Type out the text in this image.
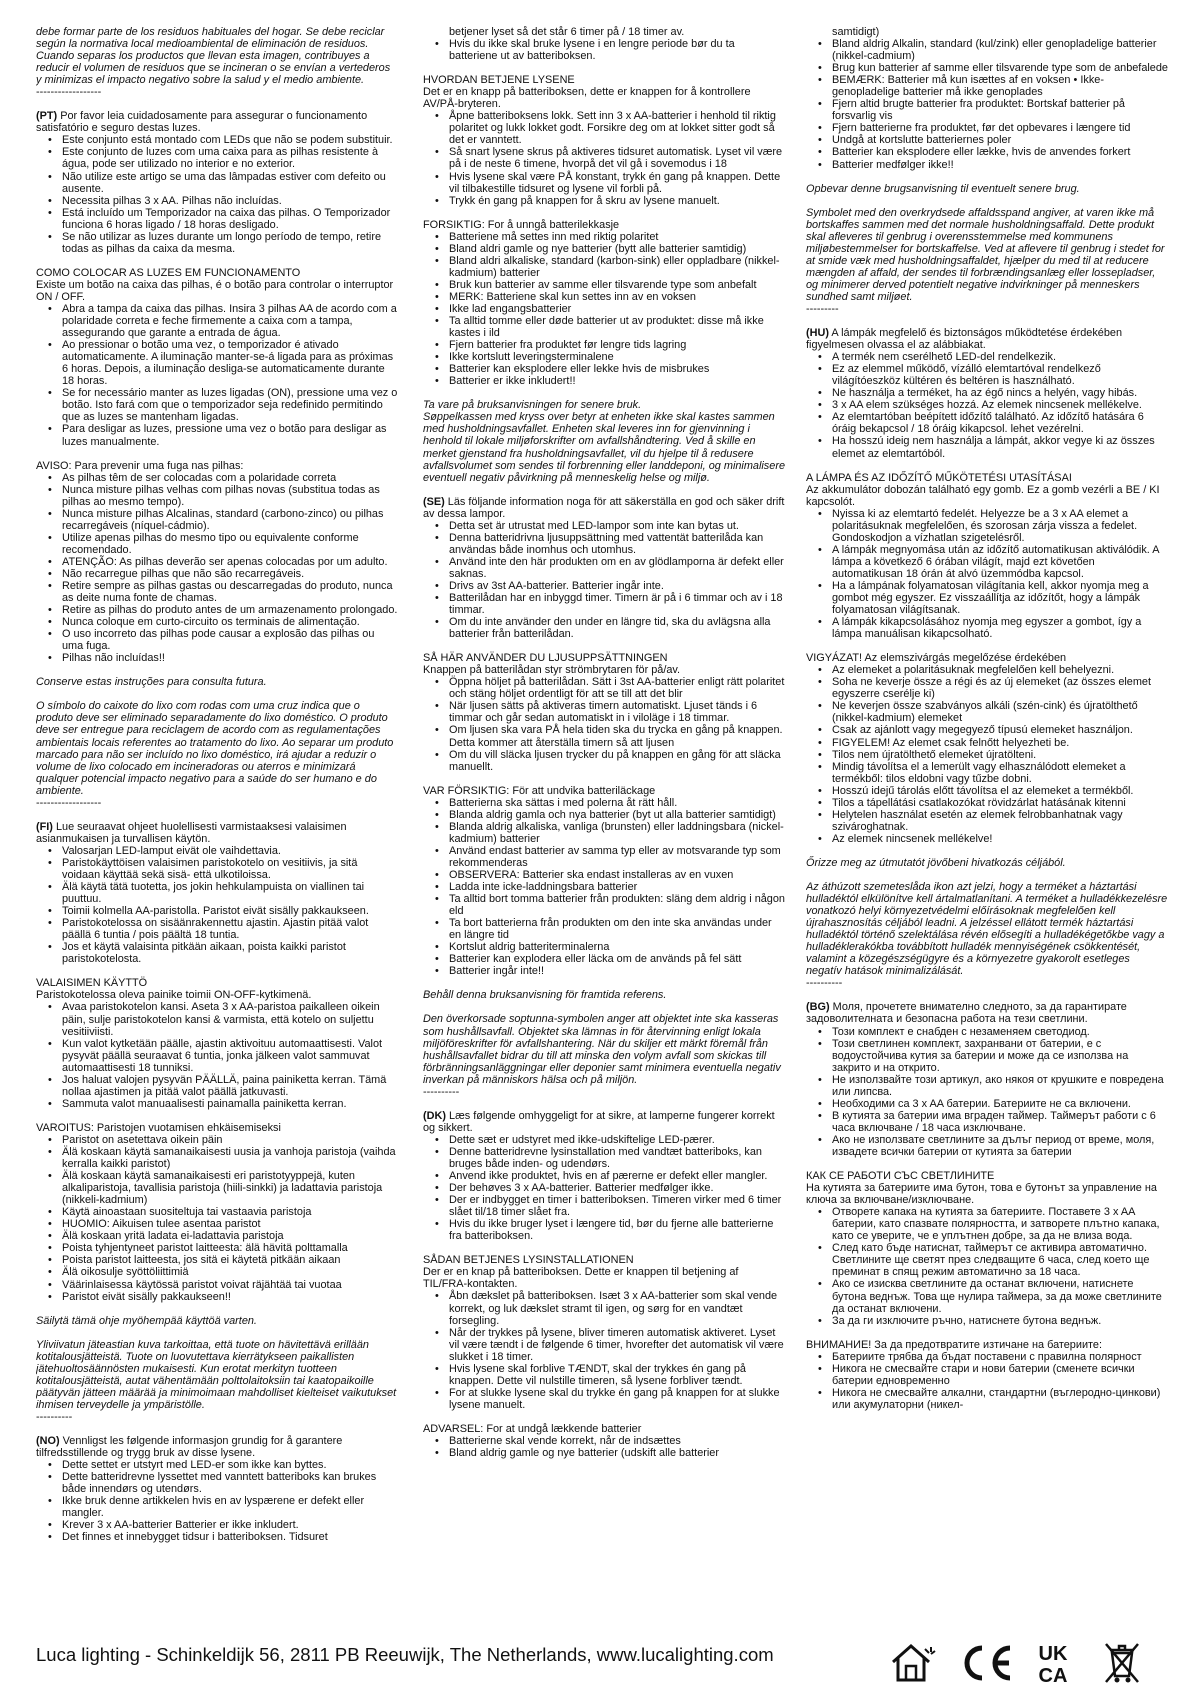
debe formar parte de los residuos habituales del hogar. Se debe reciclar según la normativa local medioambiental de eliminación de residuos. Cuando separas los productos que llevan esta imagen, contribuyes a reducir el volumen de residuos que se incineran o se envían a vertederos y minimizas el impacto negativo sobre la salud y el medio ambiente.

------------------

(PT) Por favor leia cuidadosamente para assegurar o funcionamento satisfatório e seguro destas luzes.

• Este conjunto está montado com LEDs que não se podem substituir.

• Este conjunto de luzes com uma caixa para as pilhas resistente à água, pode ser utilizado no interior e no exterior.

• Não utilize este artigo se uma das lâmpadas estiver com defeito ou ausente.

• Necessita pilhas 3 x AA. Pilhas não incluídas.

• Está incluído um Temporizador na caixa das pilhas. O Temporizador funciona 6 horas ligado / 18 horas desligado.

• Se não utilizar as luzes durante um longo período de tempo, retire todas as pilhas da caixa da mesma.

COMO COLOCAR AS LUZES EM FUNCIONAMENTO

Existe um botão na caixa das pilhas, é o botão para controlar o interruptor ON / OFF.

• Abra a tampa da caixa das pilhas. Insira 3 pilhas AA de acordo com a polaridade correta e feche firmemente a caixa com a tampa, assegurando que garante a entrada de água.

• Ao pressionar o botão uma vez, o temporizador é ativado automaticamente. A iluminação manter-se-á ligada para as próximas 6 horas. Depois, a iluminação desliga-se automaticamente durante 18 horas.

• Se for necessário manter as luzes ligadas (ON), pressione uma vez o botão. Isto fará com que o temporizador seja redefinido permitindo que as luzes se mantenham ligadas.

• Para desligar as luzes, pressione uma vez o botão para desligar as luzes manualmente.

AVISO: Para prevenir uma fuga nas pilhas:

• As pilhas têm de ser colocadas com a polaridade correta

• Nunca misture pilhas velhas com pilhas novas (substitua todas as pilhas ao mesmo tempo).

• Nunca misture pilhas Alcalinas, standard (carbono-zinco) ou pilhas recarregáveis (níquel-cádmio).

• Utilize apenas pilhas do mesmo tipo ou equivalente conforme recomendado.

• ATENÇÃO: As pilhas deverão ser apenas colocadas por um adulto.

• Não recarregue pilhas que não são recarregáveis.

• Retire sempre as pilhas gastas ou descarregadas do produto, nunca as deite numa fonte de chamas.

• Retire as pilhas do produto antes de um armazenamento prolongado.

• Nunca coloque em curto-circuito os terminais de alimentação.

• O uso incorreto das pilhas pode causar a explosão das pilhas ou uma fuga.

• Pilhas não incluídas!!

Conserve estas instruções para consulta futura.

O símbolo do caixote do lixo com rodas com uma cruz indica que o produto deve ser eliminado separadamente do lixo doméstico. O produto deve ser entregue para reciclagem de acordo com as regulamentações ambientais locais referentes ao tratamento do lixo. Ao separar um produto marcado para não ser incluído no lixo doméstico, irá ajudar a reduzir o volume de lixo colocado em incineradoras ou aterros e minimizará qualquer potencial impacto negativo para a saúde do ser humano e do ambiente.

------------------

(FI) Lue seuraavat ohjeet huolellisesti varmistaaksesi valaisimen asianmukaisen ja turvallisen käytön.

• Valosarjan LED-lamput eivät ole vaihdettavia.

• Paristokäyttöisen valaisimen paristokotelo on vesitiivis, ja sitä voidaan käyttää sekä sisä- että ulkotiloissa.

• Älä käytä tätä tuotetta, jos jokin hehkulampuista on viallinen tai puuttuu.

• Toimii kolmella AA-paristolla. Paristot eivät sisälly pakkaukseen.

• Paristokotelossa on sisäänrakennettu ajastin. Ajastin pitää valot päällä 6 tuntia / pois päältä 18 tuntia.

• Jos et käytä valaisinta pitkään aikaan, poista kaikki paristot paristokotelosta.

VALAISIMEN KÄYTTÖ

Paristokotelossa oleva painike toimii ON-OFF-kytkimenä.

• Avaa paristokotelon kansi. Aseta 3 x AA-paristoa paikalleen oikein päin, sulje paristokotelon kansi & varmista, että kotelo on suljettu vesitiiviisti.

• Kun valot kytketään päälle, ajastin aktivoituu automaattisesti. Valot pysyvät päällä seuraavat 6 tuntia, jonka jälkeen valot sammuvat automaattisesti 18 tunniksi.

• Jos haluat valojen pysyvän PÄÄLLÄ, paina painiketta kerran. Tämä nollaa ajastimen ja pitää valot päällä jatkuvasti.

• Sammuta valot manuaalisesti painamalla painiketta kerran.

VAROITUS: Paristojen vuotamisen ehkäisemiseksi

• Paristot on asetettava oikein päin

• Älä koskaan käytä samanaikaisesti uusia ja vanhoja paristoja (vaihda kerralla kaikki paristot)

• Älä koskaan käytä samanaikaisesti eri paristotyyppejä, kuten alkaliparistoja, tavallisia paristoja (hiili-sinkki) ja ladattavia paristoja (nikkeli-kadmium)

• Käytä ainoastaan suositeltuja tai vastaavia paristoja

• HUOMIO: Aikuisen tulee asentaa paristot

• Älä koskaan yritä ladata ei-ladattavia paristoja

• Poista tyhjentyneet paristot laitteesta: älä hävitä polttamalla

• Poista paristot laitteesta, jos sitä ei käytetä pitkään aikaan

• Älä oikosulje syöttöliittimiä

• Väärinlaisessa käytössä paristot voivat räjähtää tai vuotaa

• Paristot eivät sisälly pakkaukseen!!

Säilytä tämä ohje myöhempää käyttöä varten.

Yliviivatun jäteastian kuva tarkoittaa, että tuote on hävitettävä erillään kotitalousjätteistä. Tuote on luovutettava kierrätykseen paikallisten jätehuoltosäännösten mukaisesti. Kun erotat merkityn tuotteen kotitalousjätteistä, autat vähentämään polttolaitoksiin tai kaatopaikoille päätyvän jätteen määrää ja minimoimaan mahdolliset kielteiset vaikutukset ihmisen terveydelle ja ympäristölle.

----------

(NO) Vennligst les følgende informasjon grundig for å garantere tilfredsstillende og trygg bruk av disse lysene.

• Dette settet er utstyrt med LED-er som ikke kan byttes.

• Dette batteridrevne lyssettet med vanntett batteriboks kan brukes både innendørs og utendørs.

• Ikke bruk denne artikkelen hvis en av lyspærene er defekt eller mangler.

• Krever 3 x AA-batterier Batterier er ikke inkludert.

• Det finnes et innebygget tidsur i batteriboksen. Tidsuret

betjener lyset så det står 6 timer på / 18 timer av.

• Hvis du ikke skal bruke lysene i en lengre periode bør du ta batteriene ut av batteriboksen.

HVORDAN BETJENE LYSENE

Det er en knapp på batteriboksen, dette er knappen for å kontrollere AV/PÅ-bryteren.

• Åpne batteriboksens lokk. Sett inn 3 x AA-batterier i henhold til riktig polaritet og lukk lokket godt. Forsikre deg om at lokket sitter godt så det er vanntett.

• Så snart lysene skrus på aktiveres tidsuret automatisk. Lyset vil være på i de neste 6 timene, hvorpå det vil gå i sovemodus i 18

• Hvis lysene skal være PÅ konstant, trykk én gang på knappen. Dette vil tilbakestille tidsuret og lysene vil forbli på.

• Trykk én gang på knappen for å skru av lysene manuelt.

FORSIKTIG: For å unngå batterilekkasje

• Batteriene må settes inn med riktig polaritet

• Bland aldri gamle og nye batterier (bytt alle batterier samtidig)

• Bland aldri alkaliske, standard (karbon-sink) eller oppladbare (nikkel-kadmium) batterier

• Bruk kun batterier av samme eller tilsvarende type som anbefalt

• MERK: Batteriene skal kun settes inn av en voksen

• Ikke lad engangsbatterier

• Ta alltid tomme eller døde batterier ut av produktet: disse må ikke kastes i ild

• Fjern batterier fra produktet før lengre tids lagring

• Ikke kortslutt leveringsterminalene

• Batterier kan eksplodere eller lekke hvis de misbrukes

• Batterier er ikke inkludert!!

Ta vare på bruksanvisningen for senere bruk.

Søppelkassen med kryss over betyr at enheten ikke skal kastes sammen med husholdningsavfallet. Enheten skal leveres inn for gjenvinning i henhold til lokale miljøforskrifter om avfallshåndtering. Ved å skille en merket gjenstand fra husholdningsavfallet, vil du hjelpe til å redusere avfallsvolumet som sendes til forbrenning eller landdeponi, og minimalisere eventuell negativ påvirkning på menneskelig helse og miljø.

(SE) Läs följande information noga för att säkerställa en god och säker drift av dessa lampor.

• Detta set är utrustat med LED-lampor som inte kan bytas ut.

• Denna batteridrivna ljusuppsättning med vattentät batterilåda kan användas både inomhus och utomhus.

• Använd inte den här produkten om en av glödlamporna är defekt eller saknas.

• Drivs av 3st AA-batterier. Batterier ingår inte.

• Batterilådan har en inbyggd timer. Timern är på i 6 timmar och av i 18 timmar.

• Om du inte använder den under en längre tid, ska du avlägsna alla batterier från batterilådan.

SÅ HÄR ANVÄNDER DU LJUSUPPSÄTTNINGEN

Knappen på batterilådan styr strömbrytaren för på/av.

• Öppna höljet på batterilådan. Sätt i 3st AA-batterier enligt rätt polaritet och stäng höljet ordentligt för att se till att det blir

• När ljusen sätts på aktiveras timern automatiskt. Ljuset tänds i 6 timmar och går sedan automatiskt in i viloläge i 18 timmar.

• Om ljusen ska vara PÅ hela tiden ska du trycka en gång på knappen. Detta kommer att återställa timern så att ljusen

• Om du vill släcka ljusen trycker du på knappen en gång för att släcka manuellt.

VAR FÖRSIKTIG: För att undvika batteriläckage

• Batterierna ska sättas i med polerna åt rätt håll.

• Blanda aldrig gamla och nya batterier (byt ut alla batterier samtidigt)

• Blanda aldrig alkaliska, vanliga (brunsten) eller laddningsbara (nickel-kadmium) batterier

• Använd endast batterier av samma typ eller av motsvarande typ som rekommenderas

• OBSERVERA: Batterier ska endast installeras av en vuxen

• Ladda inte icke-laddningsbara batterier

• Ta alltid bort tomma batterier från produkten: släng dem aldrig i någon eld

• Ta bort batterierna från produkten om den inte ska användas under en längre tid

• Kortslut aldrig batteriterminalerna

• Batterier kan explodera eller läcka om de används på fel sätt

• Batterier ingår inte!!

Behåll denna bruksanvisning för framtida referens.

Den överkorsade soptunna-symbolen anger att objektet inte ska kasseras som hushållsavfall. Objektet ska lämnas in för återvinning enligt lokala miljöföreskrifter för avfallshantering. När du skiljer ett märkt föremål från hushållsavfallet bidrar du till att minska den volym avfall som skickas till förbränningsanläggningar eller deponier samt minimera eventuella negativ inverkan på människors hälsa och på miljön.

----------

(DK) Læs følgende omhyggeligt for at sikre, at lamperne fungerer korrekt og sikkert.

• Dette sæt er udstyret med ikke-udskiftelige LED-pærer.

• Denne batteridrevne lysinstallation med vandtæt batteriboks, kan bruges både inden- og udendørs.

• Anvend ikke produktet, hvis en af pærerne er defekt eller mangler.

• Der behøves 3 x AA-batterier. Batterier medfølger ikke.

• Der er indbygget en timer i batteriboksen. Timeren virker med 6 timer slået til/18 timer slået fra.

• Hvis du ikke bruger lyset i længere tid, bør du fjerne alle batterierne fra batteriboksen.

SÅDAN BETJENES LYSINSTALLATIONEN

Der er en knap på batteriboksen. Dette er knappen til betjening af TIL/FRA-kontakten.

• Åbn dækslet på batteriboksen. Isæt 3 x AA-batterier som skal vende korrekt, og luk dækslet stramt til igen, og sørg for en vandtæt forsegling.

• Når der trykkes på lysene, bliver timeren automatisk aktiveret. Lyset vil være tændt i de følgende 6 timer, hvorefter det automatisk vil være slukket i 18 timer.

• Hvis lysene skal forblive TÆNDT, skal der trykkes én gang på knappen. Dette vil nulstille timeren, så lysene forbliver tændt.

• For at slukke lysene skal du trykke én gang på knappen for at slukke lysene manuelt.

ADVARSEL: For at undgå lækkende batterier

• Batterierne skal vende korrekt, når de indsættes

• Bland aldrig gamle og nye batterier (udskift alle batterier

samtidigt)

• Bland aldrig Alkalin, standard (kul/zink) eller genopladelige batterier (nikkel-cadmium)

• Brug kun batterier af samme eller tilsvarende type som de anbefalede

• BEMÆRK: Batterier må kun isættes af en voksen • Ikke-genopladelige batterier må ikke genoplades

• Fjern altid brugte batterier fra produktet: Bortskaf batterier på forsvarlig vis

• Fjern batterierne fra produktet, før det opbevares i længere tid

• Undgå at kortslutte batteriernes poler

• Batterier kan eksplodere eller lække, hvis de anvendes forkert

• Batterier medfølger ikke!!

Opbevar denne brugsanvisning til eventuelt senere brug.

Symbolet med den overkrydsede affaldsspand angiver, at varen ikke må bortskaffes sammen med det normale husholdningsaffald. Dette produkt skal afleveres til genbrug i overensstemmelse med kommunens miljøbestemmelser for bortskaffelse. Ved at aflevere til genbrug i stedet for at smide væk med husholdningsaffaldet, hjælper du med til at reducere mængden af affald, der sendes til forbrændingsanlæg eller lossepladser, og minimerer derved potentielt negative indvirkninger på menneskers sundhed samt miljøet.

---------

(HU) A lámpák megfelelő és biztonságos működtetése érdekében figyelmesen olvassa el az alábbiakat.

• A termék nem cserélhető LED-del rendelkezik.

• Ez az elemmel működő, vízálló elemtartóval rendelkező világítóeszköz kültéren és beltéren is használható.

• Ne használja a terméket, ha az égő nincs a helyén, vagy hibás.

• 3 x AA elem szükséges hozzá. Az elemek nincsenek mellékelve.

• Az elemtartóban beépített időzítő található. Az időzítő hatására 6 óráig bekapcsol / 18 óráig kikapcsol. lehet vezérelni.

• Ha hosszú ideig nem használja a lámpát, akkor vegye ki az összes elemet az elemtartóból.

A LÁMPA ÉS AZ IDŐZÍTŐ MŰKÖTETÉSI UTASÍTÁSAI

Az akkumulátor dobozán található egy gomb. Ez a gomb vezérli a BE / KI kapcsolót.

• Nyissa ki az elemtartó fedelét. Helyezze be a 3 x AA elemet a polaritásuknak megfelelően, és szorosan zárja vissza a fedelet. Gondoskodjon a vízhatlan szigetelésről.

• A lámpák megnyomása után az időzítő automatikusan aktiválódik. A lámpa a következő 6 órában világít, majd ezt követően automatikusan 18 órán át alvó üzemmódba kapcsol.

• Ha a lámpának folyamatosan világítania kell, akkor nyomja meg a gombot még egyszer. Ez visszaállítja az időzítőt, hogy a lámpák folyamatosan világítsanak.

• A lámpák kikapcsolásához nyomja meg egyszer a gombot, így a lámpa manuálisan kikapcsolható.

VIGYÁZAT! Az elemszivárgás megelőzése érdekében

• Az elemeket a polaritásuknak megfelelően kell behelyezni.

• Soha ne keverje össze a régi és az új elemeket (az összes elemet egyszerre cserélje ki)

• Ne keverjen össze szabványos alkáli (szén-cink) és újratölthető (nikkel-kadmium) elemeket

• Csak az ajánlott vagy megegyező típusú elemeket használjon.

• FIGYELEM! Az elemet csak felnőtt helyezheti be.

• Tilos nem újratölthető elemeket újratölteni.

• Mindig távolítsa el a lemerült vagy elhasználódott elemeket a termékből: tilos eldobni vagy tűzbe dobni.

• Hosszú idejű tárolás előtt távolítsa el az elemeket a termékből.

• Tilos a tápellátási csatlakozókat rövidzárlat hatásának kitenni

• Helytelen használat esetén az elemek felrobbanhatnak vagy szivároghatnak.

• Az elemek nincsenek mellékelve!

Őrizze meg az útmutatót jövőbeni hivatkozás céljából.

Az áthúzott szemeteslåda ikon azt jelzi, hogy a terméket a háztartási hulladéktól elkülönítve kell ártalmatlanítani. A terméket a hulladékkezelésre vonatkozó helyi környezetvédelmi előírásoknak megfelelően kell újrahasznosítás céljából leadni. A jelzéssel ellátott termék háztartási hulladéktól történő szelektálása révén elősegíti a hulladékégetőkbe vagy a hulladéklerakókba továbbított hulladék mennyiségének csökkentését, valamint a közegészségügyre és a környezetre gyakorolt esetleges negatív hatások minimalizálását.

----------

(BG) Моля, прочетете внимателно следното, за да гарантирате задоволителната и безопасна работа на тези светлини.

• Този комплект е снабден с незаменяем светодиод.

• Този светлинен комплект, захранвани от батерии, е с водоустойчива кутия за батерии и може да се използва на закрито и на открито.

• Не използвайте този артикул, ако някоя от крушките е повредена или липсва.

• Необходими са 3 x AA батерии. Батериите не са включени.

• В кутията за батерии има вграден таймер. Таймерът работи с 6 часа включване / 18 часа изключване.

• Ако не използвате светлините за дълъг период от време, моля, извадете всички батерии от кутията за батерии

КАК СЕ РАБОТИ СЪС СВЕТЛИНИТЕ

На кутията за батериите има бутон, това е бутонът за управление на ключа за включване/изключване.

• Отворете капака на кутията за батериите. Поставете 3 x AA батерии, като спазвате полярността, и затворете плътно капака, като се уверите, че е уплътнен добре, за да не влиза вода.

• След като бъде натиснат, таймерът се активира автоматично. Светлините ще светят през следващите 6 часа, след което ще преминат в спящ режим автоматично за 18 часа.

• Ако се изисква светлините да останат включени, натиснете бутона веднъж. Това ще нулира таймера, за да може светлините да останат включени.

• За да ги изключите ръчно, натиснете бутона веднъж.

ВНИМАНИЕ! За да предотвратите изтичане на батериите:

• Батериите трябва да бъдат поставени с правилна полярност

• Никога не смесвайте стари и нови батерии (сменете всички батерии едновременно

• Никога не смесвайте алкални, стандартни (въглеродно-цинкови) или акумулаторни (никел-

Luca lighting - Schinkeldijk 56, 2811 PB Reeuwijk, The Netherlands, www.lucalighting.com	UK
CA
